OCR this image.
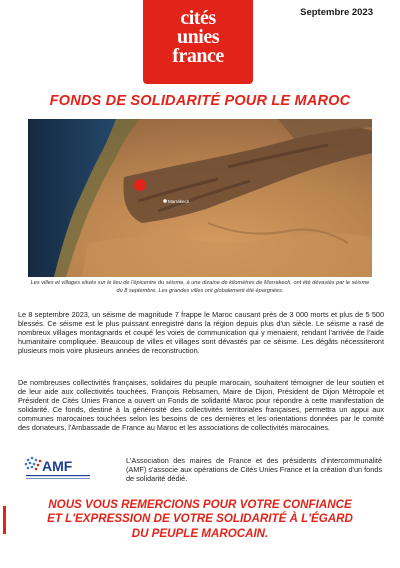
Septembre 2023
cités
unies
france
FONDS DE SOLIDARITÉ POUR LE MAROC
Marrakech
Les villes et villages situés sur le lieu de l'épicentre du séisme, à une dizaine de kilomètres de Marrakech, ont été dévastés par le séisme du 8 septembre. Les grandes villes ont globalement été épargnées.

Le 8 septembre 2023, un séisme de magnitude 7 frappe le Maroc causant près de 3 000 morts et plus de 5 500 blessés. Ce séisme est le plus puissant enregistré dans la région depuis plus d'un siècle. Le séisme a rasé de nombreux villages montagnards et coupé les voies de communication qui y menaient, rendant l'arrivée de l'aide humanitaire compliquée. Beaucoup de villes et villages sont dévastés par ce séisme. Les dégâts nécessiteront plusieurs mois voire plusieurs années de reconstruction.

De nombreuses collectivités françaises, solidaires du peuple marocain, souhaitent témoigner de leur soutien et de leur aide aux collectivités touchées. François Rebsamen, Maire de Dijon, Président de Dijon Métropole et Président de Cités Unies France a ouvert un Fonds de solidarité Maroc pour répondre à cette manifestation de solidarité. Ce fonds, destiné à la générosité des collectivités territoriales françaises, permettra un appui aux communes marocaines touchées selon les besoins de ces dernières et les orientations données par le comité des donateurs, l'Ambassade de France au Maroc et les associations de collectivités marocaines.

AMF	L'Association des maires de France et des présidents d'intercommunalité (AMF) s'associe aux opérations de Cités Unies France et la création d'un fonds de solidarité dédié.

NOUS VOUS REMERCIONS POUR VOTRE CONFIANCE
ET L'EXPRESSION DE VOTRE SOLIDARITÉ À L'ÉGARD
DU PEUPLE MAROCAIN.
